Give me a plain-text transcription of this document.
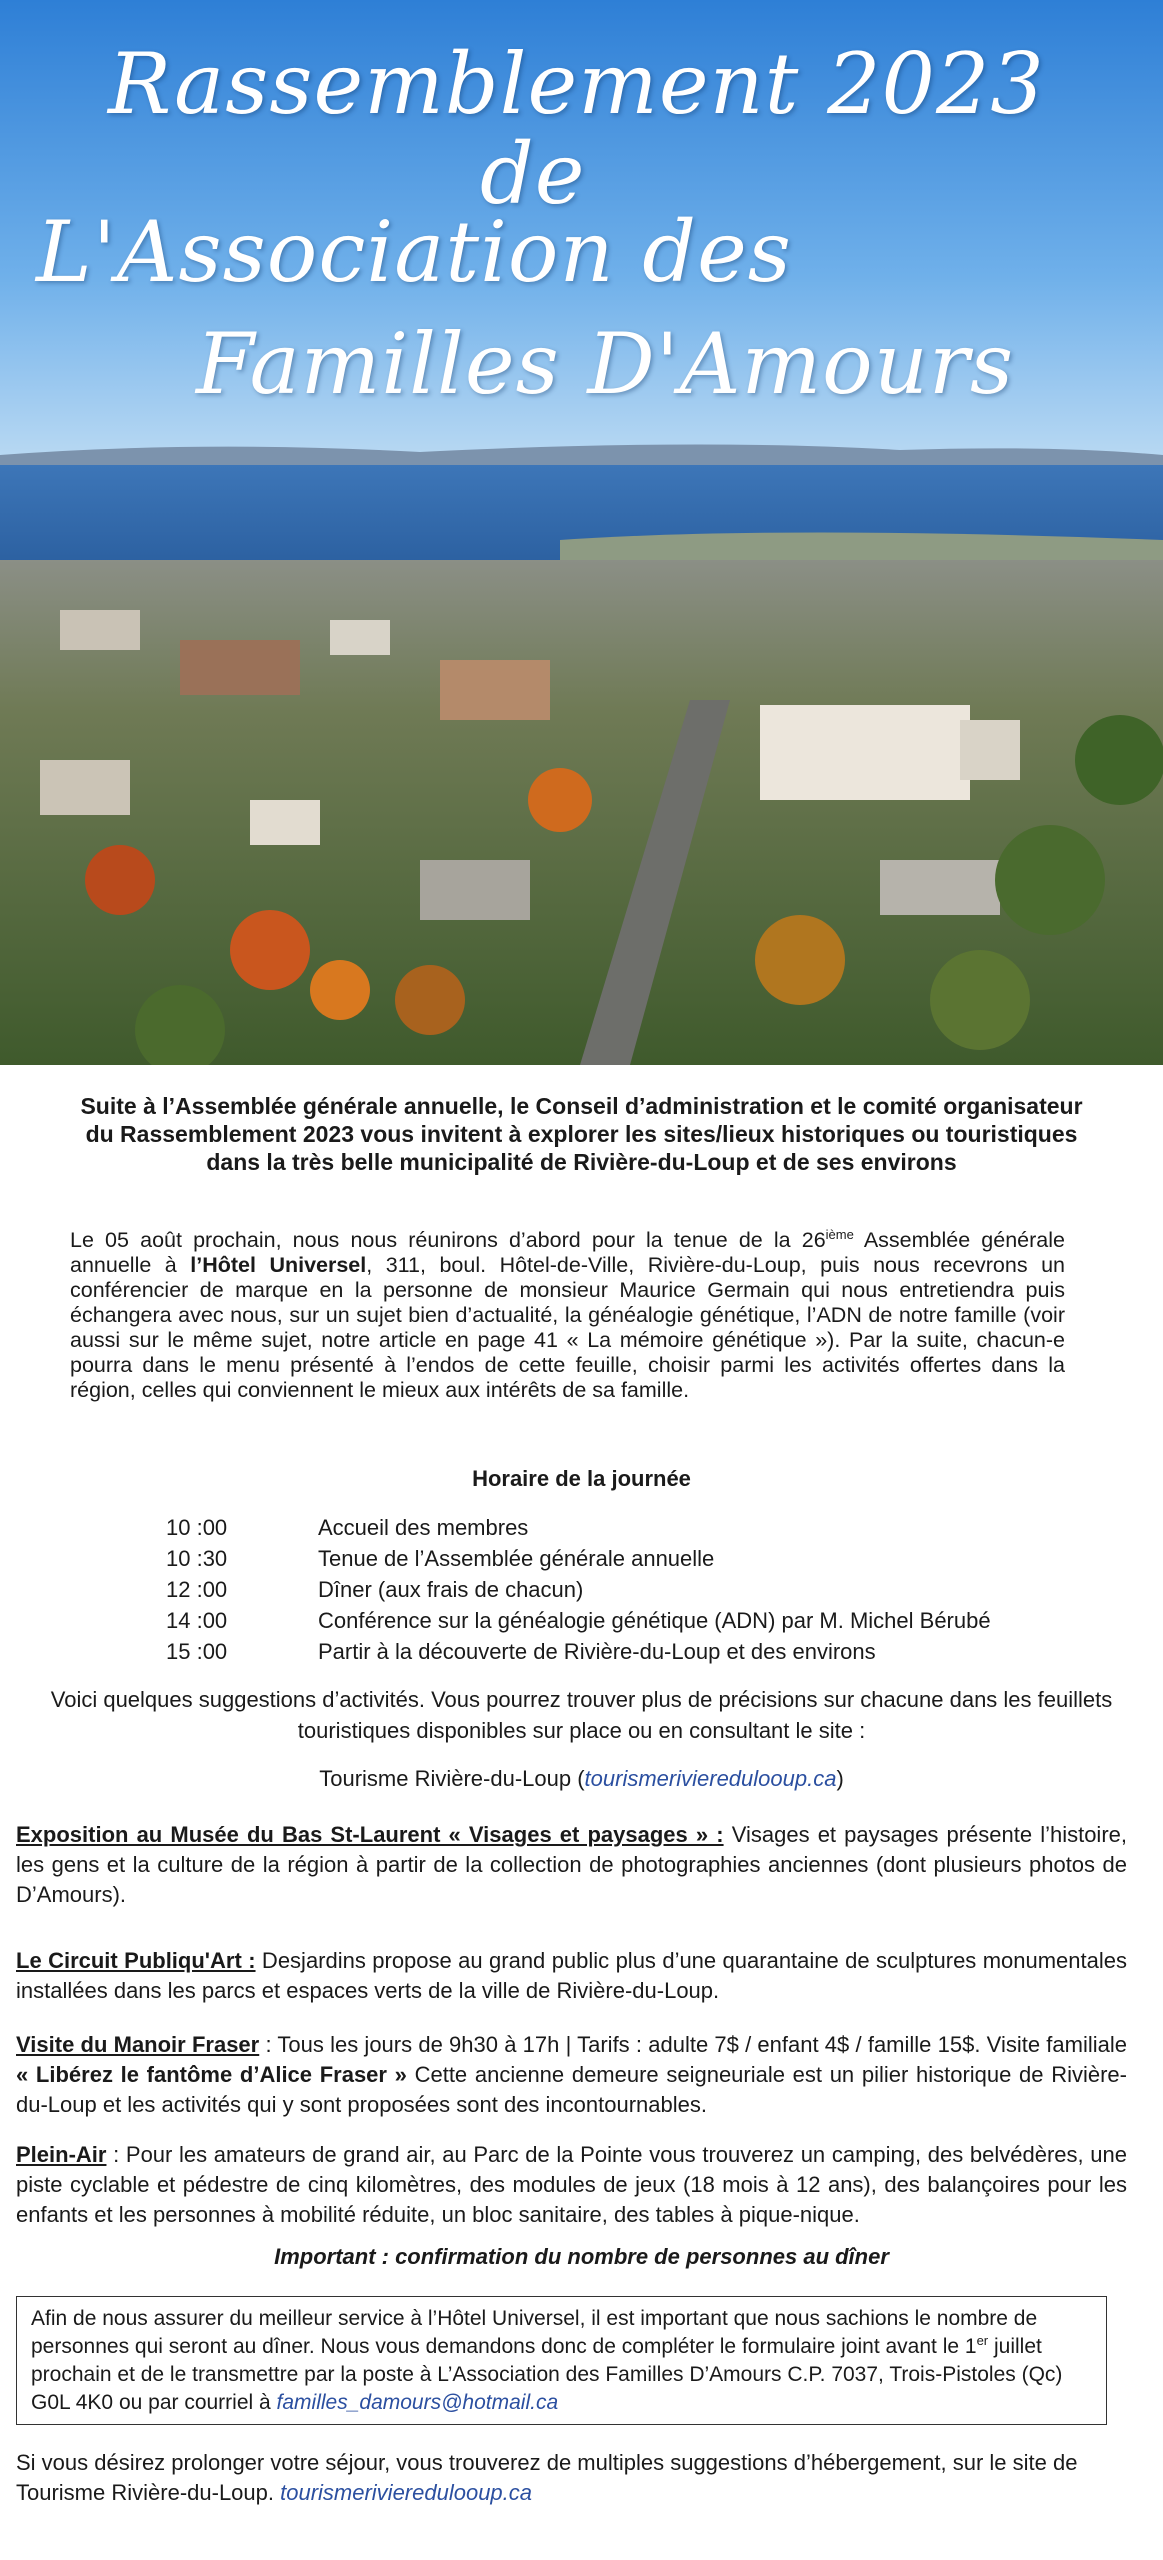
Rassemblement 2023
de
L'Association des
Familles D'Amours
Suite à l’Assemblée générale annuelle, le Conseil d’administration et le comité organisateur du Rassemblement 2023 vous invitent à explorer les sites/lieux historiques ou touristiques dans la très belle municipalité de Rivière-du-Loup et de ses environs
Le 05 août prochain, nous nous réunirons d’abord pour la tenue de la 26ième Assemblée générale annuelle à l’Hôtel Universel, 311, boul. Hôtel-de-Ville, Rivière-du-Loup, puis nous recevrons un conférencier de marque en la personne de monsieur Maurice Germain qui nous entretiendra puis échangera avec nous, sur un sujet bien d’actualité, la généalogie génétique, l’ADN de notre famille (voir aussi sur le même sujet, notre article en page 41 « La mémoire génétique »). Par la suite, chacun-e pourra dans le menu présenté à l’endos de cette feuille, choisir parmi les activités offertes dans la région, celles qui conviennent le mieux aux intérêts de sa famille.
Horaire de la journée
10 :00	Accueil des membres
10 :30	Tenue de l’Assemblée générale annuelle
12 :00	Dîner (aux frais de chacun)
14 :00	Conférence sur la généalogie génétique (ADN) par M. Michel Bérubé
15 :00	Partir à la découverte de Rivière-du-Loup et des environs
Voici quelques suggestions d’activités. Vous pourrez trouver plus de précisions sur chacune dans les feuillets touristiques disponibles sur place ou en consultant le site :
Tourisme Rivière-du-Loup (tourismerivieredulooup.ca)
Exposition au Musée du Bas St-Laurent « Visages et paysages » : Visages et paysages présente l’histoire, les gens et la culture de la région à partir de la collection de photographies anciennes (dont plusieurs photos de D’Amours).
Le Circuit Publiqu'Art : Desjardins propose au grand public plus d’une quarantaine de sculptures monumentales installées dans les parcs et espaces verts de la ville de Rivière-du-Loup.
Visite du Manoir Fraser : Tous les jours de 9h30 à 17h | Tarifs : adulte 7$ / enfant 4$ / famille 15$. Visite familiale « Libérez le fantôme d’Alice Fraser » Cette ancienne demeure seigneuriale est un pilier historique de Rivière-du-Loup et les activités qui y sont proposées sont des incontournables.
Plein-Air : Pour les amateurs de grand air, au Parc de la Pointe vous trouverez un camping, des belvédères, une piste cyclable et pédestre de cinq kilomètres, des modules de jeux (18 mois à 12 ans), des balançoires pour les enfants et les personnes à mobilité réduite, un bloc sanitaire, des tables à pique-nique.
Important : confirmation du nombre de personnes au dîner
Afin de nous assurer du meilleur service à l’Hôtel Universel, il est important que nous sachions le nombre de personnes qui seront au dîner. Nous vous demandons donc de compléter le formulaire joint avant le 1er juillet prochain et de le transmettre par la poste à L’Association des Familles D’Amours C.P. 7037, Trois-Pistoles (Qc) G0L 4K0 ou par courriel à familles_damours@hotmail.ca
Si vous désirez prolonger votre séjour, vous trouverez de multiples suggestions d’hébergement, sur le site de Tourisme Rivière-du-Loup. tourismerivieredulooup.ca
